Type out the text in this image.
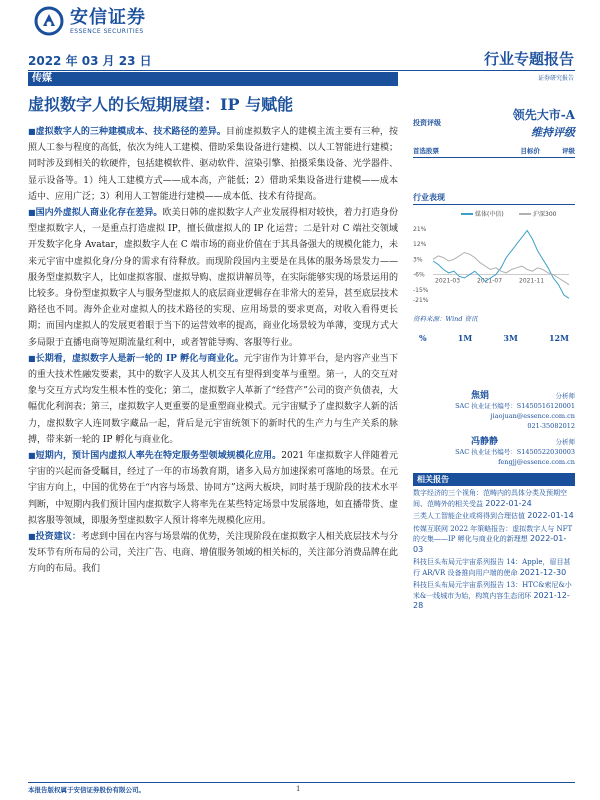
安信证券
ESSENCE SECURITIES
2022 年 03 月 23 日	行业专题报告
证券研究报告
传媒
虚拟数字人的长短期展望：IP 与赋能

■虚拟数字人的三种建模成本、技术路径的差异。目前虚拟数字人的建模主流主要有三种，按照人工参与程度的高低，依次为纯人工建模、借助采集设备进行建模、以人工智能进行建模；同时涉及到相关的软硬件，包括建模软件、驱动软件、渲染引擎、拍摄采集设备、光学器件、显示设备等。1）纯人工建模方式——成本高，产能低；2）借助采集设备进行建模——成本适中、应用广泛；3）利用人工智能进行建模——成本低、技术有待提高。

■国内外虚拟人商业化存在差异。欧美日韩的虚拟数字人产业发展得相对较快，着力打造身份型虚拟数字人，一是重点打造虚拟 IP，擅长做虚拟人的 IP 化运营；二是针对 C 端社交领域开发数字化身 Avatar，虚拟数字人在 C 端市场的商业价值在于其具备强大的规模化能力，未来元宇宙中虚拟化身/分身的需求有待释放。而现阶段国内主要是在具体的服务场景发力——服务型虚拟数字人，比如虚拟客服、虚拟导购、虚拟讲解员等，在实际能够实现的场景运用的比较多。身份型虚拟数字人与服务型虚拟人的底层商业逻辑存在非常大的差异，甚至底层技术路径也不同。海外企业对虚拟人的技术路径的实现、应用场景的要求更高，对收入看得更长期；而国内虚拟人的发展更着眼于当下的运营效率的提高，商业化场景较为单薄，变现方式大多局限于直播电商等短期流量红利中，或者智能导购、客服等行业。

■长期看，虚拟数字人是新一轮的 IP 孵化与商业化。元宇宙作为计算平台，是内容产业当下的重大技术性融发要素，其中的数字人及其人机交互有望得到变革与重塑。第一，人的交互对象与交互方式均发生根本性的变化；第二，虚拟数字人革新了“经营产”公司的资产负债表，大幅优化利润表；第三，虚拟数字人更重要的是重塑商业模式。元宇宙赋予了虚拟数字人新的活力，虚拟数字人连同数字藏品一起，背后是元宇宙统领下的新时代的生产力与生产关系的脉搏，带来新一轮的 IP 孵化与商业化。

■短期内，预计国内虚拟人率先在特定服务型领域规模化应用。2021 年虚拟数字人伴随着元宇宙的兴起而备受瞩目，经过了一年的市场教育期，诸多入局方加速探索可落地的场景。在元宇宙方向上，中国的优势在于“内容与场景、协同方”这两大板块，同时基于现阶段的技术水平判断，中短期内我们预计国内虚拟数字人将率先在某些特定场景中发展落地，如直播带货、虚拟客服等领域，即服务型虚拟数字人预计将率先规模化应用。

■投资建议：考虑到中国在内容与场景端的优势，关注现阶段在虚拟数字人相关底层技术与分发环节有所布局的公司，关注广告、电商、增值服务领域的相关标的，关注部分消费品牌在此方向的布局。我们

投资评级
领先大市-A
维持评级
首选股票	目标价	评级
行业表现
媒体(中信)	沪深300
21%
12%
3%
-6%
-15%
-21%
2021-03	2021-07	2021-11
资料来源：Wind 资讯
%	1M	3M	12M
焦娟	分析师
SAC 执业证书编号：S1450516120001
jiaojuan@essence.com.cn
021-35082012
冯静静	分析师
SAC 执业证书编号：S1450522030003
fengjj@essence.com.cn
相关报告
数字经济的三个视角：范畴内的具体分类及预期空间、范畴外的相关受益 2022-01-24
三类人工智能企业或将得到合理估值 2022-01-14
传媒互联网 2022 年策略报告：虚拟数字人与 NFT 的交集——IP 孵化与商业化的新理想 2022-01-03
科技巨头布局元宇宙系列报告 14：Apple，眉目甚行 AR/VR 设备推向用户端的使命 2021-12-30
科技巨头布局元宇宙系列报告 13：HTC&索尼&小米&一线城市为始，构筑内容生态闭环 2021-12-28
本报告版权属于安信证券股份有限公司。	1
